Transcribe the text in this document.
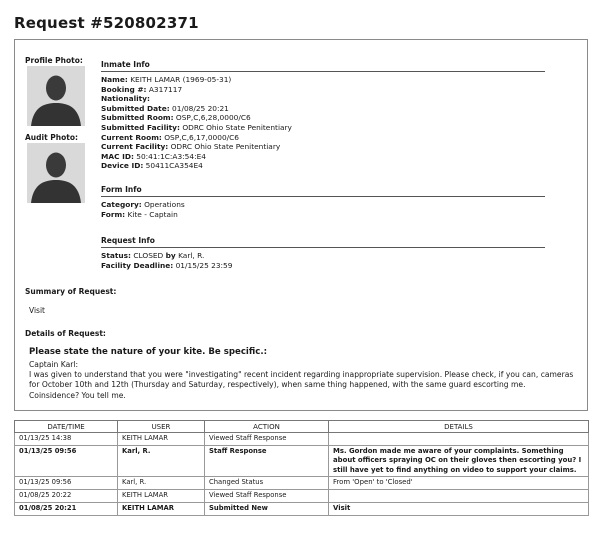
Request #520802371
Profile Photo:
Audit Photo:
Inmate Info
Name: KEITH LAMAR (1969-05-31)
Booking #: A317117
Nationality:
Submitted Date: 01/08/25 20:21
Submitted Room: OSP,C,6,28,0000/C6
Submitted Facility: ODRC Ohio State Penitentiary
Current Room: OSP,C,6,17,0000/C6
Current Facility: ODRC Ohio State Penitentiary
MAC ID: 50:41:1C:A3:54:E4
Device ID: 50411CA354E4
Form Info
Category: Operations
Form: Kite - Captain
Request Info
Status: CLOSED by Karl, R.
Facility Deadline: 01/15/25 23:59
Summary of Request:
Visit
Details of Request:
Please state the nature of your kite. Be specific.:
Captain Karl:
I was given to understand that you were "investigating" recent incident regarding inappropriate supervision. Please check, if you can, cameras for October 10th and 12th (Thursday and Saturday, respectively), when same thing happened, with the same guard escorting me. Coinsidence? You tell me.
DATE/TIME	USER	ACTION	DETAILS
01/13/25 14:38	KEITH LAMAR	Viewed Staff Response	
01/13/25 09:56	Karl, R.	Staff Response	Ms. Gordon made me aware of your complaints. Something about officers spraying OC on their gloves then escorting you? I still have yet to find anything on video to support your claims.
01/13/25 09:56	Karl, R.	Changed Status	From 'Open' to 'Closed'
01/08/25 20:22	KEITH LAMAR	Viewed Staff Response	
01/08/25 20:21	KEITH LAMAR	Submitted New	Visit
